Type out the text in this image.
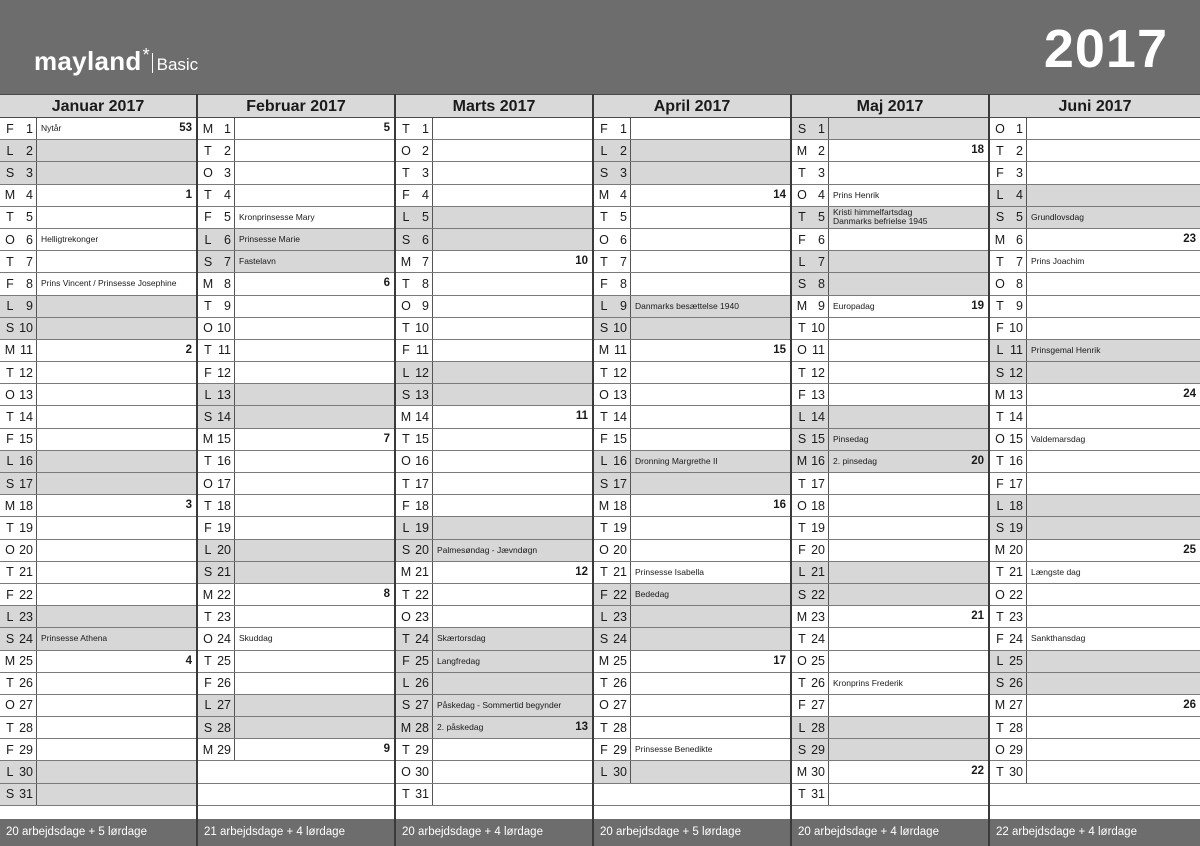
mayland * Basic	2017
Januar 2017
F 1 Nytår	53
L	2
S 3
M 4	1
T 5
O 6 Helligtrekonger
T 7
F 8 Prins Vincent / Prinsesse Josephine
L	9
S 10
M 11	2
T 12
O 13
T 14
F 15
L 16
S 17
M 18	3
T 19
O 20
T 21
F 22
L 23
S 24 Prinsesse Athena
M 25	4
T 26
O 27
T 28
F 29
L 30
S 31
20 arbejdsdage + 5 lørdage
Februar 2017
M 1	5
T 2
O 3
T 4
F 5 Kronprinsesse Mary
L	6 Prinsesse Marie
S 7 Fastelavn
M 8	6
T 9
O 10
T 11
F 12
L 13
S 14
M 15	7
T 16
O 17
T 18
F 19
L 20
S 21
M 22	8
T 23
O 24 Skuddag
T 25
F 26
L 27
S 28
M 29	9
21 arbejdsdage + 4 lørdage
Marts 2017
T 1
O 2
T 3
F 4
L	5
S 6
M 7	10
T 8
O 9
T 10
F 11
L 12
S 13
M 14	11
T 15
O 16
T 17
F 18
L 19
S 20 Palmesøndag - Jævndøgn
M 21	12
T 22
O 23
T 24 Skærtorsdag
F 25 Langfredag
L 26
S 27 Påskedag - Sommertid begynder
M 28 2. påskedag	13
T 29
O 30
T 31
20 arbejdsdage + 4 lørdage
April 2017
F 1
L	2
S 3
M 4	14
T 5
O 6
T 7
F 8
L	9 Danmarks besættelse 1940
S 10
M 11	15
T 12
O 13
T 14
F 15
L 16 Dronning Margrethe II
S 17
M 18	16
T 19
O 20
T 21 Prinsesse Isabella
F 22 Bededag
L 23
S 24
M 25	17
T 26
O 27
T 28
F 29 Prinsesse Benedikte
L 30
20 arbejdsdage + 5 lørdage
Maj 2017
S 1
M 2	18
T 3
O 4 Prins Henrik
T 5 Kristi himmelfartsdag
Danmarks befrielse 1945
F 6
L	7
S 8
M 9 Europadag	19
T 10
O 11
T 12
F 13
L 14
S 15 Pinsedag
M 16 2. pinsedag	20
T 17
O 18
T 19
F 20
L 21
S 22
M 23	21
T 24
O 25
T 26 Kronprins Frederik
F 27
L 28
S 29
M 30	22
T 31
20 arbejdsdage + 4 lørdage
Juni 2017
O 1
T 2
F 3
L	4
S 5 Grundlovsdag
M 6	23
T 7 Prins Joachim
O 8
T 9
F 10
L 11 Prinsgemal Henrik
S 12
M 13	24
T 14
O 15 Valdemarsdag
T 16
F 17
L 18
S 19
M 20	25
T 21 Længste dag
O 22
T 23
F 24 Sankthansdag
L 25
S 26
M 27	26
T 28
O 29
T 30
22 arbejdsdage + 4 lørdage
